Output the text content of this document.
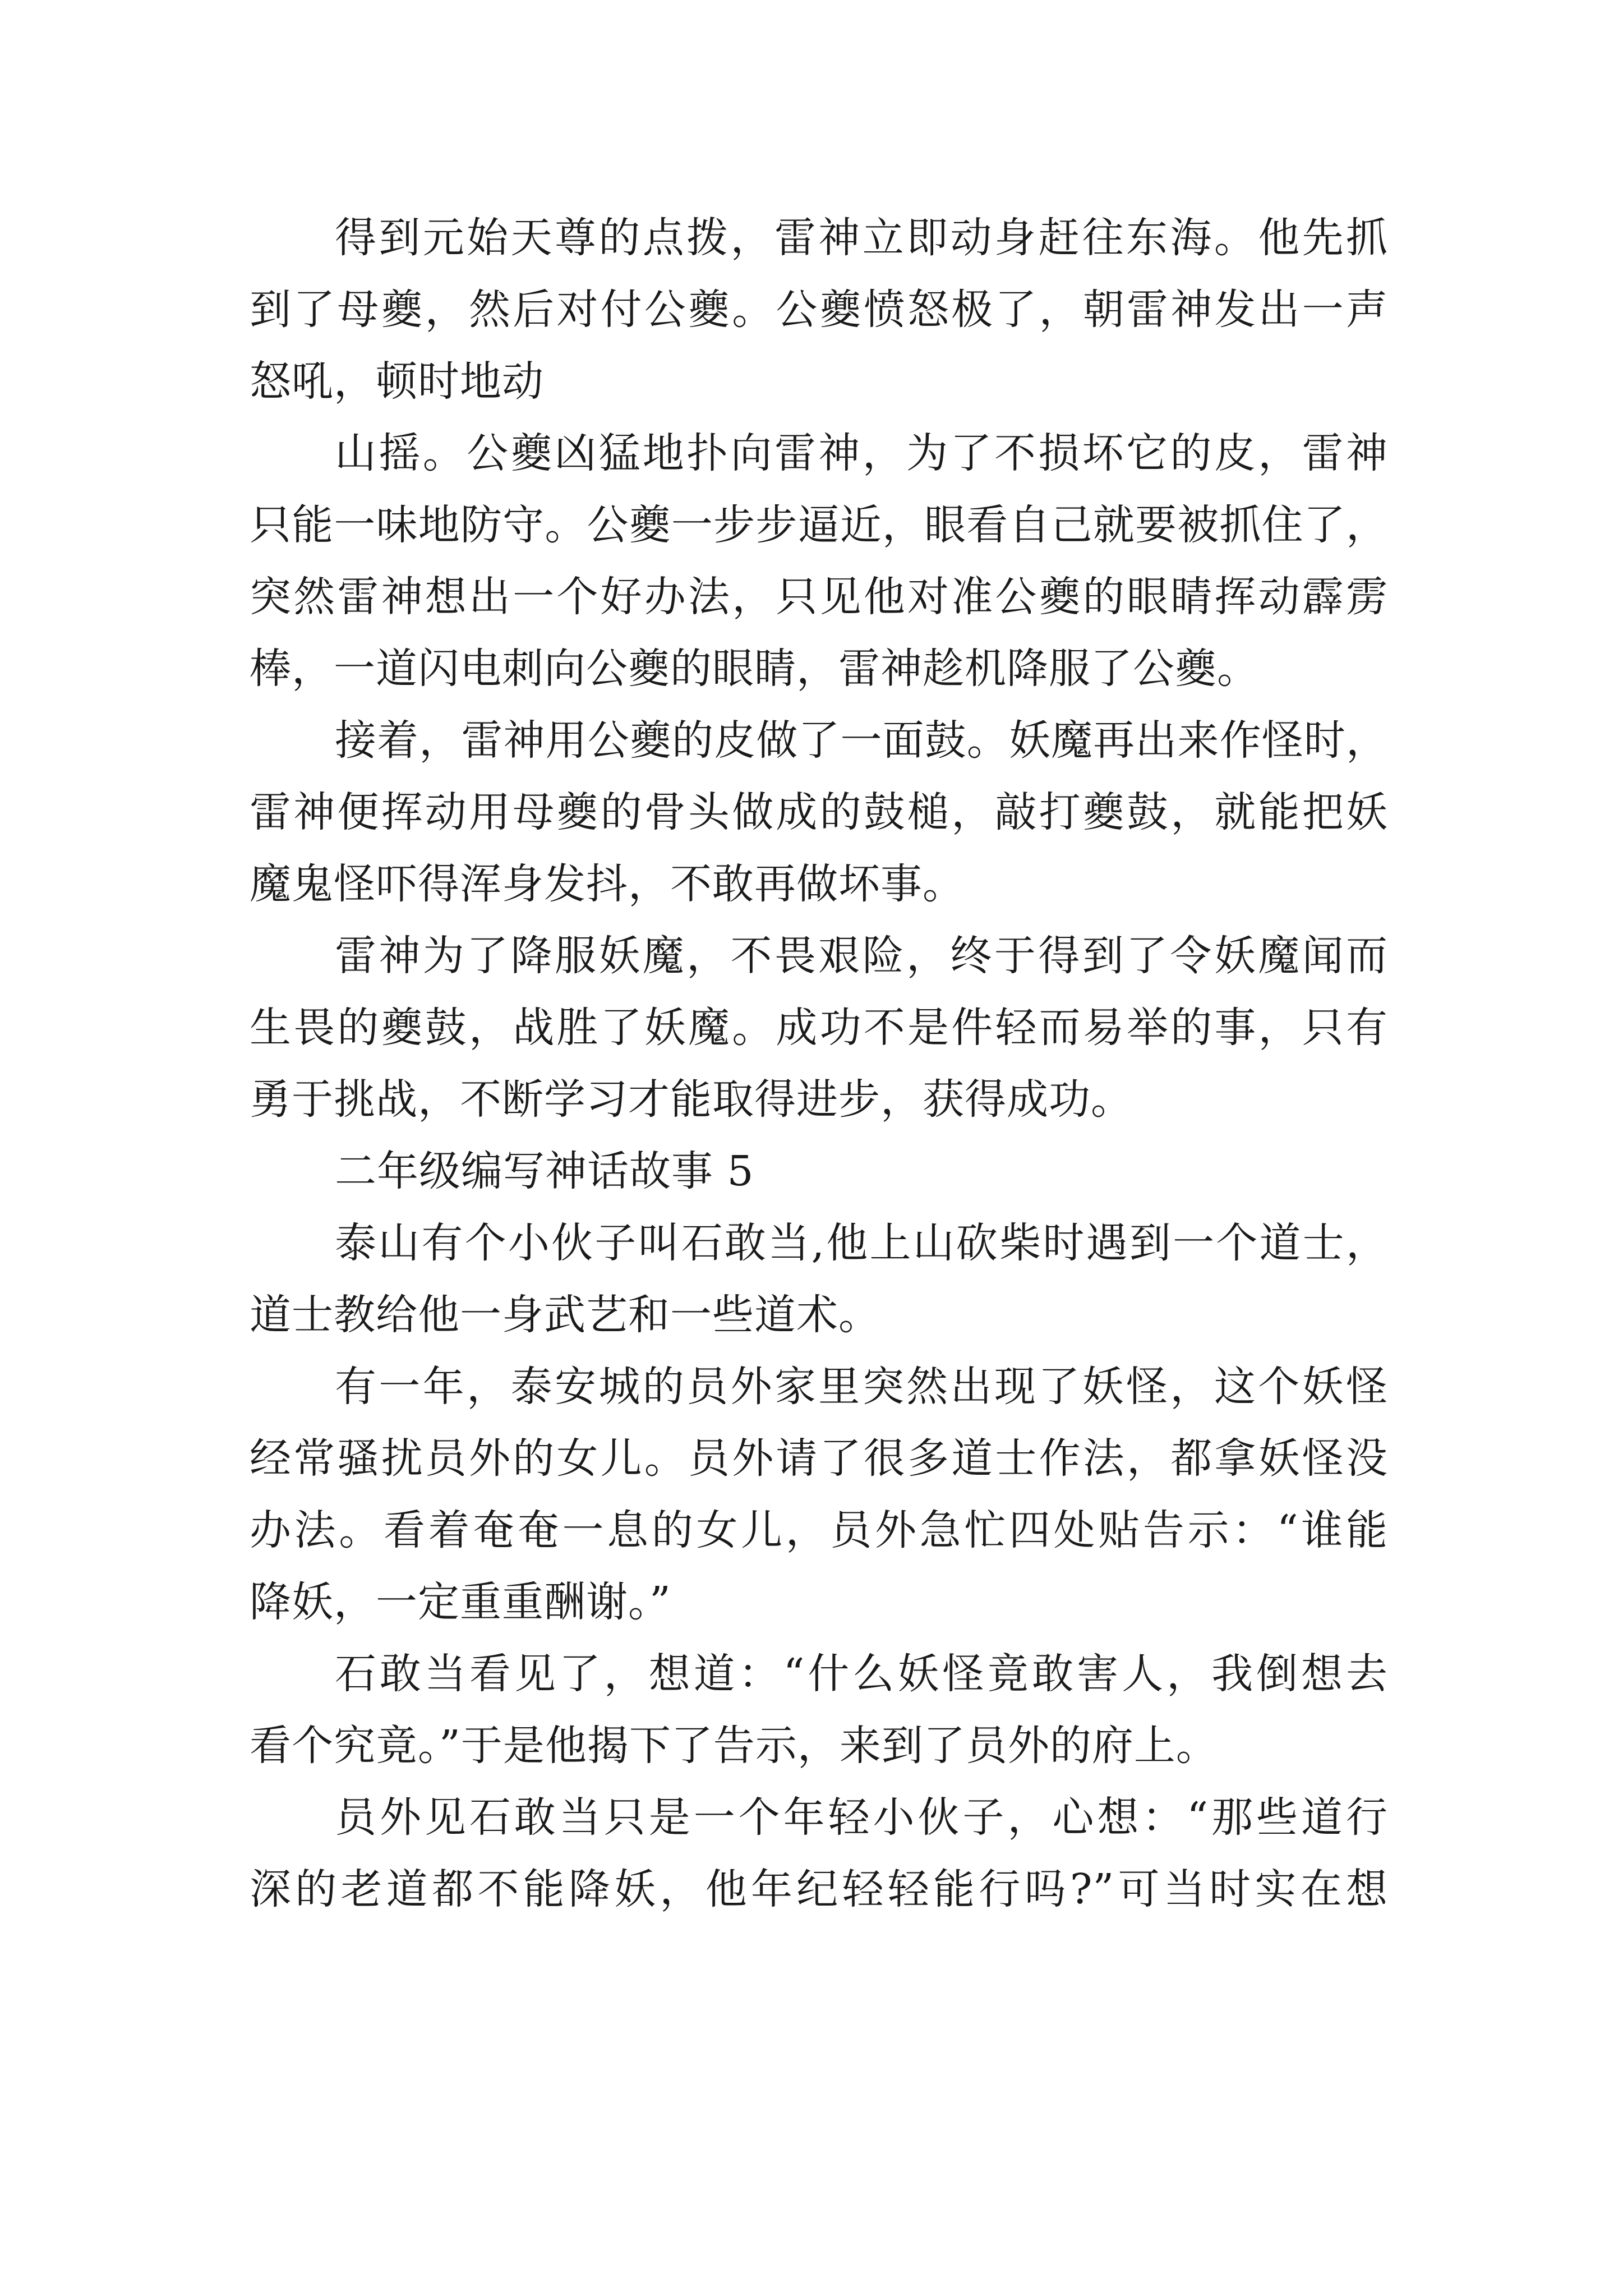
得到元始天尊的点拨，雷神立即动身赶往东海。他先抓
到了母夔，然后对付公夔。公夔愤怒极了，朝雷神发出一声
怒吼，顿时地动
山摇。公夔凶猛地扑向雷神，为了不损坏它的皮，雷神
只能一味地防守。公夔一步步逼近，眼看自己就要被抓住了，
突然雷神想出一个好办法，只见他对准公夔的眼睛挥动霹雳
棒，一道闪电刺向公夔的眼睛，雷神趁机降服了公夔。
接着，雷神用公夔的皮做了一面鼓。妖魔再出来作怪时，
雷神便挥动用母夔的骨头做成的鼓槌，敲打夔鼓，就能把妖
魔鬼怪吓得浑身发抖，不敢再做坏事。
雷神为了降服妖魔，不畏艰险，终于得到了令妖魔闻而
生畏的夔鼓，战胜了妖魔。成功不是件轻而易举的事，只有
勇于挑战，不断学习才能取得进步，获得成功。
二年级编写神话故事 5
泰山有个小伙子叫石敢当,他上山砍柴时遇到一个道士，
道士教给他一身武艺和一些道术。
有一年，泰安城的员外家里突然出现了妖怪，这个妖怪
经常骚扰员外的女儿。员外请了很多道士作法，都拿妖怪没
办法。看着奄奄一息的女儿，员外急忙四处贴告示：“谁能
降妖，一定重重酬谢。”
石敢当看见了，想道：“什么妖怪竟敢害人，我倒想去
看个究竟。”于是他揭下了告示，来到了员外的府上。
员外见石敢当只是一个年轻小伙子，心想：“那些道行
深的老道都不能降妖，他年纪轻轻能行吗?”可当时实在想
